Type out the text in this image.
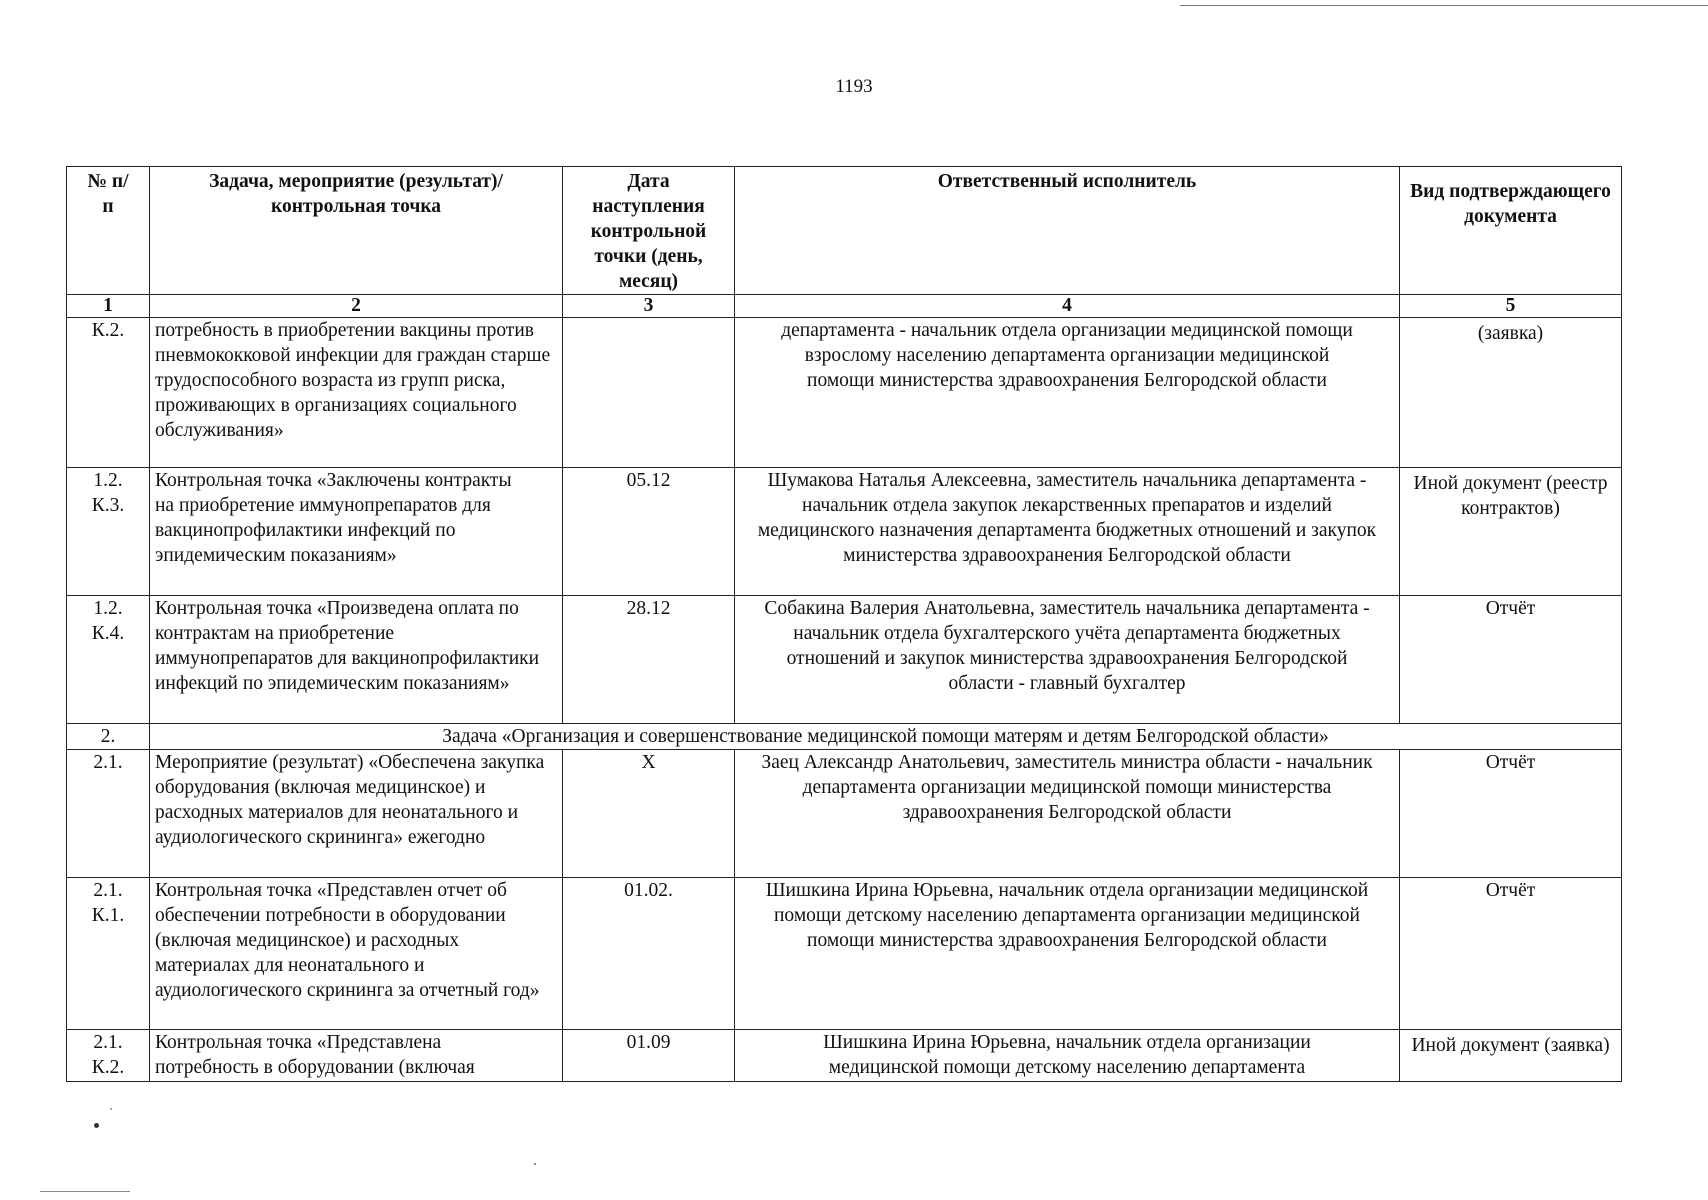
1193
№ п/п	Задача, мероприятие (результат)/ контрольная точка	Дата наступления контрольной точки (день, месяц)	Ответственный исполнитель	Вид подтверждающего документа
1	2	3	4	5
К.2.	потребность в приобретении вакцины против пневмококковой инфекции для граждан старше трудоспособного возраста из групп риска, проживающих в организациях социального обслуживания»		департамента - начальник отдела организации медицинской помощи взрослому населению департамента организации медицинской помощи министерства здравоохранения Белгородской области	(заявка)
1.2. К.3.	Контрольная точка «Заключены контракты на приобретение иммунопрепаратов для вакцинопрофилактики инфекций по эпидемическим показаниям»	05.12	Шумакова Наталья Алексеевна, заместитель начальника департамента - начальник отдела закупок лекарственных препаратов и изделий медицинского назначения департамента бюджетных отношений и закупок министерства здравоохранения Белгородской области	Иной документ (реестр контрактов)
1.2. К.4.	Контрольная точка «Произведена оплата по контрактам на приобретение иммунопрепаратов для вакцинопрофилактики инфекций по эпидемическим показаниям»	28.12	Собакина Валерия Анатольевна, заместитель начальника департамента - начальник отдела бухгалтерского учёта департамента бюджетных отношений и закупок министерства здравоохранения Белгородской области - главный бухгалтер	Отчёт
2.	Задача «Организация и совершенствование медицинской помощи матерям и детям Белгородской области»			
2.1.	Мероприятие (результат) «Обеспечена закупка оборудования (включая медицинское) и расходных материалов для неонатального и аудиологического скрининга» ежегодно	X	Заец Александр Анатольевич, заместитель министра области - начальник департамента организации медицинской помощи министерства здравоохранения Белгородской области	Отчёт
2.1. К.1.	Контрольная точка «Представлен отчет об обеспечении потребности в оборудовании (включая медицинское) и расходных материалах для неонатального и аудиологического скрининга за отчетный год»	01.02.	Шишкина Ирина Юрьевна, начальник отдела организации медицинской помощи детскому населению департамента организации медицинской помощи министерства здравоохранения Белгородской области	Отчёт
2.1. К.2.	Контрольная точка «Представлена потребность в оборудовании (включая	01.09	Шишкина Ирина Юрьевна, начальник отдела организации медицинской помощи детскому населению департамента	Иной документ (заявка)
